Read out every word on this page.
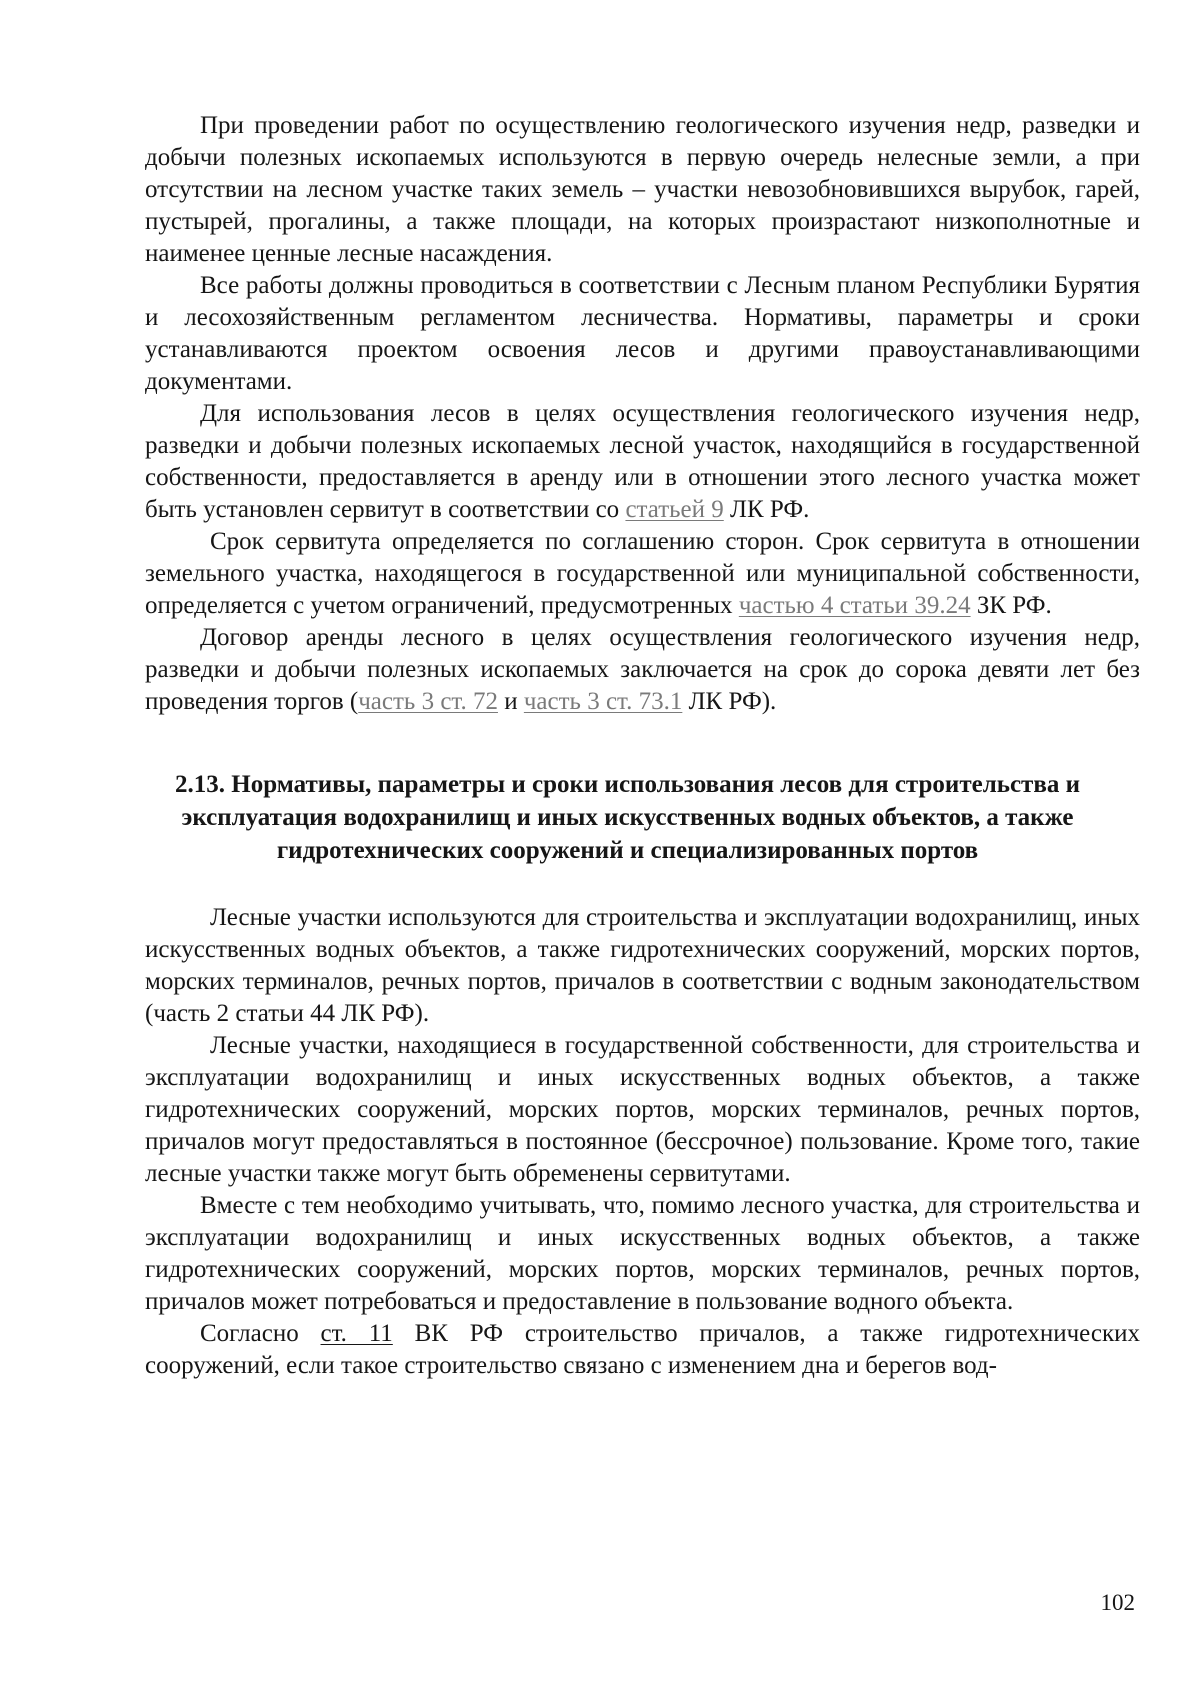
При проведении работ по осуществлению геологического изучения недр, разведки и добычи полезных ископаемых используются в первую очередь нелесные земли, а при отсутствии на лесном участке таких земель – участки невозобновившихся вырубок, гарей, пустырей, прогалины, а также площади, на которых произрастают низкополнотные и наименее ценные лесные насаждения.

Все работы должны проводиться в соответствии с Лесным планом Республики Бурятия и лесохозяйственным регламентом лесничества. Нормативы, параметры и сроки устанавливаются проектом освоения лесов и другими правоустанавливающими документами.

Для использования лесов в целях осуществления геологического изучения недр, разведки и добычи полезных ископаемых лесной участок, находящийся в государственной собственности, предоставляется в аренду или в отношении этого лесного участка может быть установлен сервитут в соответствии со статьей 9 ЛК РФ.

Срок сервитута определяется по соглашению сторон. Срок сервитута в отношении земельного участка, находящегося в государственной или муниципальной собственности, определяется с учетом ограничений, предусмотренных частью 4 статьи 39.24 ЗК РФ.

Договор аренды лесного в целях осуществления геологического изучения недр, разведки и добычи полезных ископаемых заключается на срок до сорока девяти лет без проведения торгов (часть 3 ст. 72 и часть 3 ст. 73.1 ЛК РФ).

2.13. Нормативы, параметры и сроки использования лесов для строительства и эксплуатация водохранилищ и иных искусственных водных объектов, а также гидротехнических сооружений и специализированных портов

Лесные участки используются для строительства и эксплуатации водохранилищ, иных искусственных водных объектов, а также гидротехнических сооружений, морских портов, морских терминалов, речных портов, причалов в соответствии с водным законодательством (часть 2 статьи 44 ЛК РФ).

Лесные участки, находящиеся в государственной собственности, для строительства и эксплуатации водохранилищ и иных искусственных водных объектов, а также гидротехнических сооружений, морских портов, морских терминалов, речных портов, причалов могут предоставляться в постоянное (бессрочное) пользование. Кроме того, такие лесные участки также могут быть обременены сервитутами.

Вместе с тем необходимо учитывать, что, помимо лесного участка, для строительства и эксплуатации водохранилищ и иных искусственных водных объектов, а также гидротехнических сооружений, морских портов, морских терминалов, речных портов, причалов может потребоваться и предоставление в пользование водного объекта.

Согласно ст. 11 ВК РФ строительство причалов, а также гидротехнических сооружений, если такое строительство связано с изменением дна и берегов вод-

102
